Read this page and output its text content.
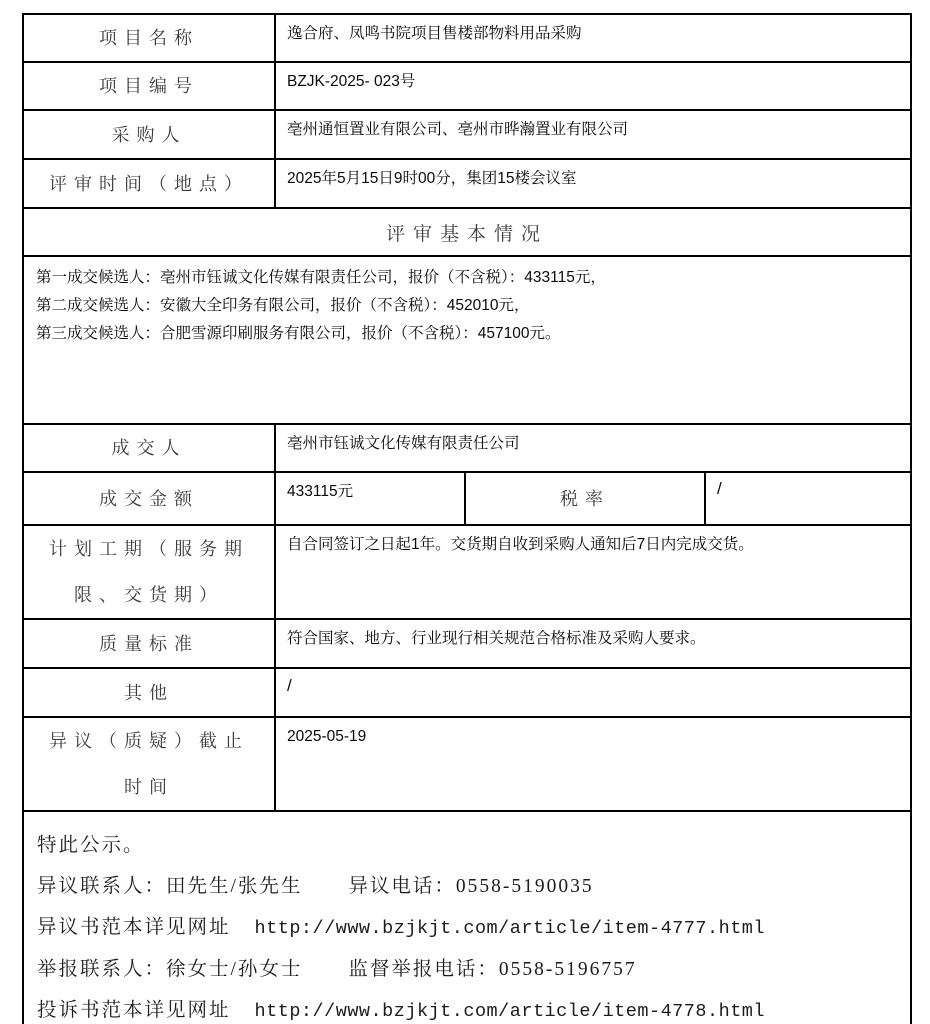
项目名称	逸合府、凤鸣书院项目售楼部物料用品采购		
项目编号	BZJK-2025- 023号		
采购人	亳州通恒置业有限公司、亳州市晔瀚置业有限公司		
评审时间（地点）	2025年5月15日9时00分，集团15楼会议室		
评审基本情况			

第一成交候选人：亳州市钰诚文化传媒有限责任公司，报价（不含税）：433115元，
第二成交候选人：安徽大全印务有限公司，报价（不含税）：452010元，
第三成交候选人：合肥雪源印刷服务有限公司，报价（不含税）：457100元。			

成交人	亳州市钰诚文化传媒有限责任公司		
成交金额	433115元	税率	/
计划工期（服务期限、交货期）	自合同签订之日起1年。交货期自收到采购人通知后7日内完成交货。		
质量标准	符合国家、地方、行业现行相关规范合格标准及采购人要求。		
其他	/		
异议（质疑）截止时间	2025-05-19		

特此公示。
异议联系人：田先生/张先生 异议电话：0558-5190035
异议书范本详见网址 http://www.bzjkjt.com/article/item-4777.html
举报联系人：徐女士/孙女士 监督举报电话：0558-5196757
投诉书范本详见网址 http://www.bzjkjt.com/article/item-4778.html			
